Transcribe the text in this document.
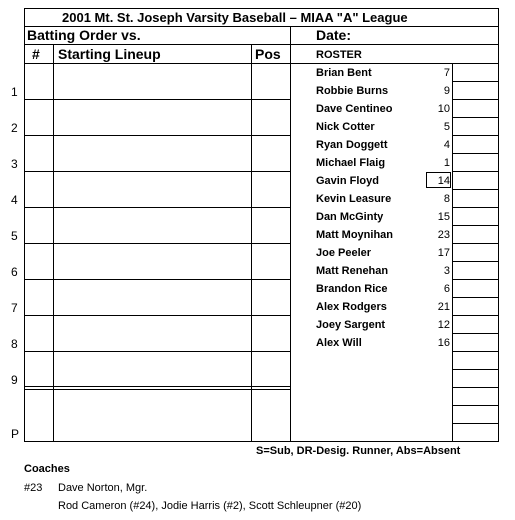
2001 Mt. St. Joseph Varsity Baseball – MIAA "A" League
Batting Order vs.	Date:
# Starting Lineup	Pos	ROSTER
1
2
3
4
5
6
7
8
9
P
Brian Bent	7
Robbie Burns	9
Dave Centineo	10
Nick Cotter	5
Ryan Doggett	4
Michael Flaig	1
Gavin Floyd	14
Kevin Leasure	8
Dan McGinty	15
Matt Moynihan	23
Joe Peeler	17
Matt Renehan	3
Brandon Rice	6
Alex Rodgers	21
Joey Sargent	12
Alex Will	16
S=Sub, DR-Desig. Runner, Abs=Absent
Coaches
#23 Dave Norton, Mgr.
Rod Cameron (#24), Jodie Harris (#2), Scott Schleupner (#20)
